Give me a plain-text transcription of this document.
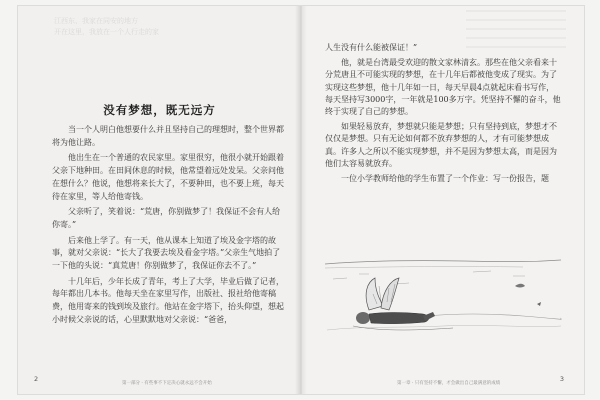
江西东、我家在同安的地方
开在这里，我放在一个人行走的家
没有梦想，既无远方

当一个人明白他想要什么并且坚持自己的理想时，整个世界都将为他让路。

他出生在一个普通的农民家里。家里很穷，他很小就开始跟着父亲下地种田。在田间休息的时候，他常望着远处发呆。父亲问他在想什么？他说，他想将来长大了，不要种田，也不要上班，每天待在家里，等人给他寄钱。

父亲听了，笑着说：“荒唐，你别做梦了！我保证不会有人给你寄。”

后来他上学了。有一天，他从课本上知道了埃及金字塔的故事，就对父亲说：“长大了我要去埃及看金字塔。”父亲生气地拍了一下他的头说：“真荒唐！你别做梦了，我保证你去不了。”

十几年后，少年长成了青年，考上了大学，毕业后做了记者，每年都出几本书。他每天坐在家里写作，出版社、报社给他寄稿费，他用寄来的钱到埃及旅行。他站在金字塔下，抬头仰望，想起小时候父亲说的话，心里默默地对父亲说：“爸爸，

2
第一部分 · 有些事不下定决心就永远不会开始

人生没有什么能被保证！”

他，就是台湾最受欢迎的散文家林清玄。那些在他父亲看来十分荒唐且不可能实现的梦想，在十几年后都被他变成了现实。为了实现这些梦想，他十几年如一日，每天早晨4点就起床看书写作，每天坚持写3000字，一年就是100多万字。凭坚持不懈的奋斗，他终于实现了自己的梦想。

如果轻易放弃，梦想就只能是梦想；只有坚持到底，梦想才不仅仅是梦想。只有无论如何都不放弃梦想的人，才有可能梦想成真。许多人之所以不能实现梦想，并不是因为梦想太高，而是因为他们太容易就放弃。

一位小学教师给他的学生布置了一个作业：写一份报告，题

第一章 · 只有坚持不懈，才会做出自己最满意的成绩
3
